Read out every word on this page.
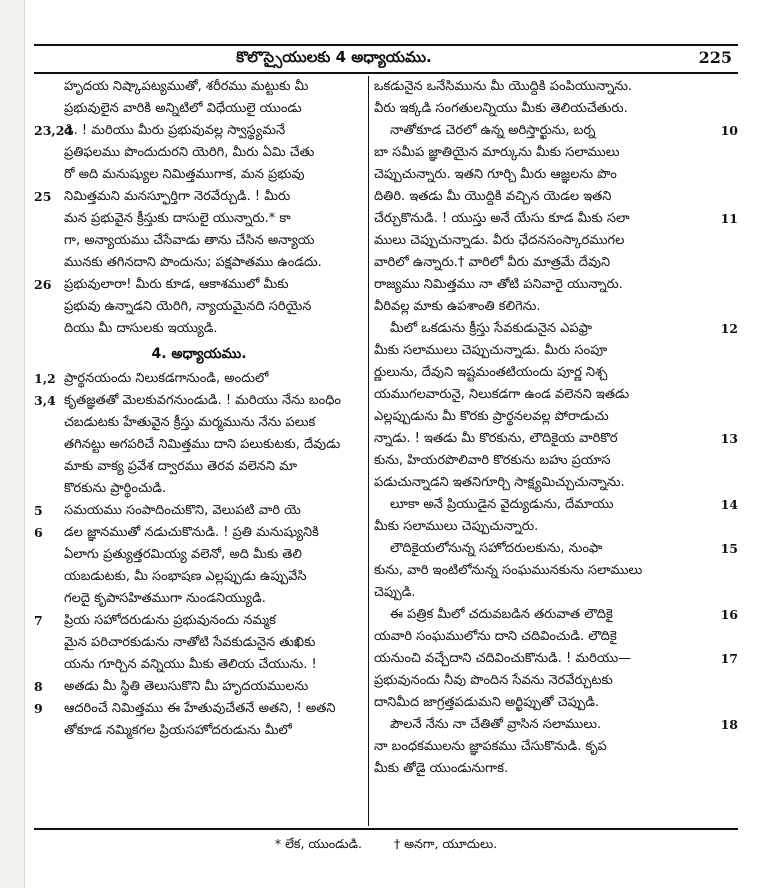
కొలొస్సైయులకు 4 అధ్యాయము.	225
హృదయ నిష్కాపట్యముతో, శరీరము మట్టుకు మీ
ప్రభువులైన వారికి అన్నిటిలో విధేయులై యుండు
23,24
డి. ! మరియు మీరు ప్రభువువల్ల స్వాస్థ్యమనే
ప్రతిఫలము పొందుదురని యెరిగి, మీరు ఏమి చేతు
రో అది మనుష్యుల నిమిత్తముగాక, మన ప్రభువు
25 నిమిత్తమని మనస్ఫూర్తిగా నెరవేర్చుడి. ! మీరు
మన ప్రభువైన క్రీస్తుకు దాసులై యున్నారు.* కా
గా, అన్యాయము చేసేవాడు తాను చేసిన అన్యాయ
మునకు తగినదాని పొందును; పక్షపాతము ఉండదు.
26 ప్రభువులారా! మీరు కూడ, ఆకాశములో మీకు
ప్రభువు ఉన్నాడని యెరిగి, న్యాయమైనది సరియైన
దియు మీ దాసులకు ఇయ్యుడి.
4. అధ్యాయము.
1,2 ప్రార్థనయందు నిలుకడగానుండి, అందులో
3,4 కృతజ్ఞతతో మెలకువగనుండుడి. ! మరియు నేను బంధిం
చబడుటకు హేతువైన క్రీస్తు మర్మమును నేను పలుక
తగినట్టు అగపరిచే నిమిత్తము దాని పలుకుటకు, దేవుడు
మాకు వాక్య ప్రవేశ ద్వారము తెరవ వలెనని మా
కొరకును ప్రార్థించుడి.
5	సమయము సంపాదించుకొని, వెలుపటి వారి యె
6	డల జ్ఞానముతో నడుచుకొనుడి. ! ప్రతి మనుష్యునికి
ఏలాగు ప్రత్యుత్తరమియ్య వలెనో, అది మీకు తెలి
యబడుటకు, మీ సంభాషణ ఎల్లప్పుడు ఉప్పువేసి
గలదై కృపాసహితముగా నుండనియ్యుడి.
7	ప్రియ సహోదరుడును ప్రభువునందు నమ్మక
మైన పరిచారకుడును నాతోటి సేవకుడునైన తుఖికు
యను గూర్చిన వన్నియు మీకు తెలియ చేయును. !
8	అతడు మీ స్థితి తెలుసుకొని మీ హృదయములను
9	ఆదరించే నిమిత్తము ఈ హేతువుచేతనే అతని, ! అతని
తోకూడ నమ్మికగల ప్రియసహోదరుడును మీలో
ఒకడునైన ఒనేసిమును మీ యొద్దికి పంపియున్నాను.
వీరు ఇక్కడి సంగతులన్నియు మీకు తెలియచేతురు.
10
నాతోకూడ చెరలో ఉన్న అరిస్తార్ఖును, బర్న
బా సమీప జ్ఞాతియైన మార్కును మీకు సలాములు
చెప్పుచున్నారు. ఇతని గూర్చి మీరు ఆజ్ఞలను పొం
దితిరి. ఇతడు మీ యొద్దికి వచ్చిన యెడల ఇతని
11
చేర్చుకొనుడి. ! యుస్తు అనే యేసు కూడ మీకు సలా
ములు చెప్పుచున్నాడు. వీరు ఛేదనసంస్కారముగల
వారిలో ఉన్నారు.† వారిలో వీరు మాత్రమే దేవుని
రాజ్యము నిమిత్తము నా తోటి పనివారై యున్నారు.
వీరివల్ల మాకు ఉపశాంతి కలిగెను.
12
మీలో ఒకడును క్రీస్తు సేవకుడునైన ఎపఫ్రా
మీకు సలాములు చెప్పుచున్నాడు. మీరు సంపూ
ర్ణులును, దేవుని ఇష్టమంతటియందు పూర్ణ నిశ్చ
యముగలవారునై, నిలుకడగా ఉండ వలెనని ఇతడు
ఎల్లప్పుడును మీ కొరకు ప్రార్థనలవల్ల పోరాడుచు
13
న్నాడు. ! ఇతడు మీ కొరకును, లౌదికైయ వారికొర
కును, హియరపొలివారి కొరకును బహు ప్రయాస
పడుచున్నాడని ఇతనిగూర్చి సాక్ష్యమిచ్చుచున్నాను.
14
లూకా అనే ప్రియుడైన వైద్యుడును, దేమాయు
మీకు సలాములు చెప్పుచున్నారు.
15
లౌదికైయలోనున్న సహోదరులకును, నుంఫా
కును, వారి ఇంటిలోనున్న సంఘమునకును సలాములు
చెప్పుడి.
16
ఈ పత్రిక మీలో చదువబడిన తరువాత లౌదికై
యవారి సంఘములోను దాని చదివించుడి. లౌదికై
17
యనుంచి వచ్చేదాని చదివించుకొనుడి. ! మరియు—
ప్రభువునందు నీవు పొందిన సేవను నెరవేర్చుటకు
దానిమీద జాగ్రత్తపడుమని అర్ఖిప్పుతో చెప్పుడి.
18
పౌలనే నేను నా చేతితో వ్రాసిన సలాములు.
నా బంధకములను జ్ఞాపకము చేసుకొనుడి. కృప
మీకు తోడై యుండునుగాక.
* లేక, యుండుడి.	† అనగా, యూదులు.
